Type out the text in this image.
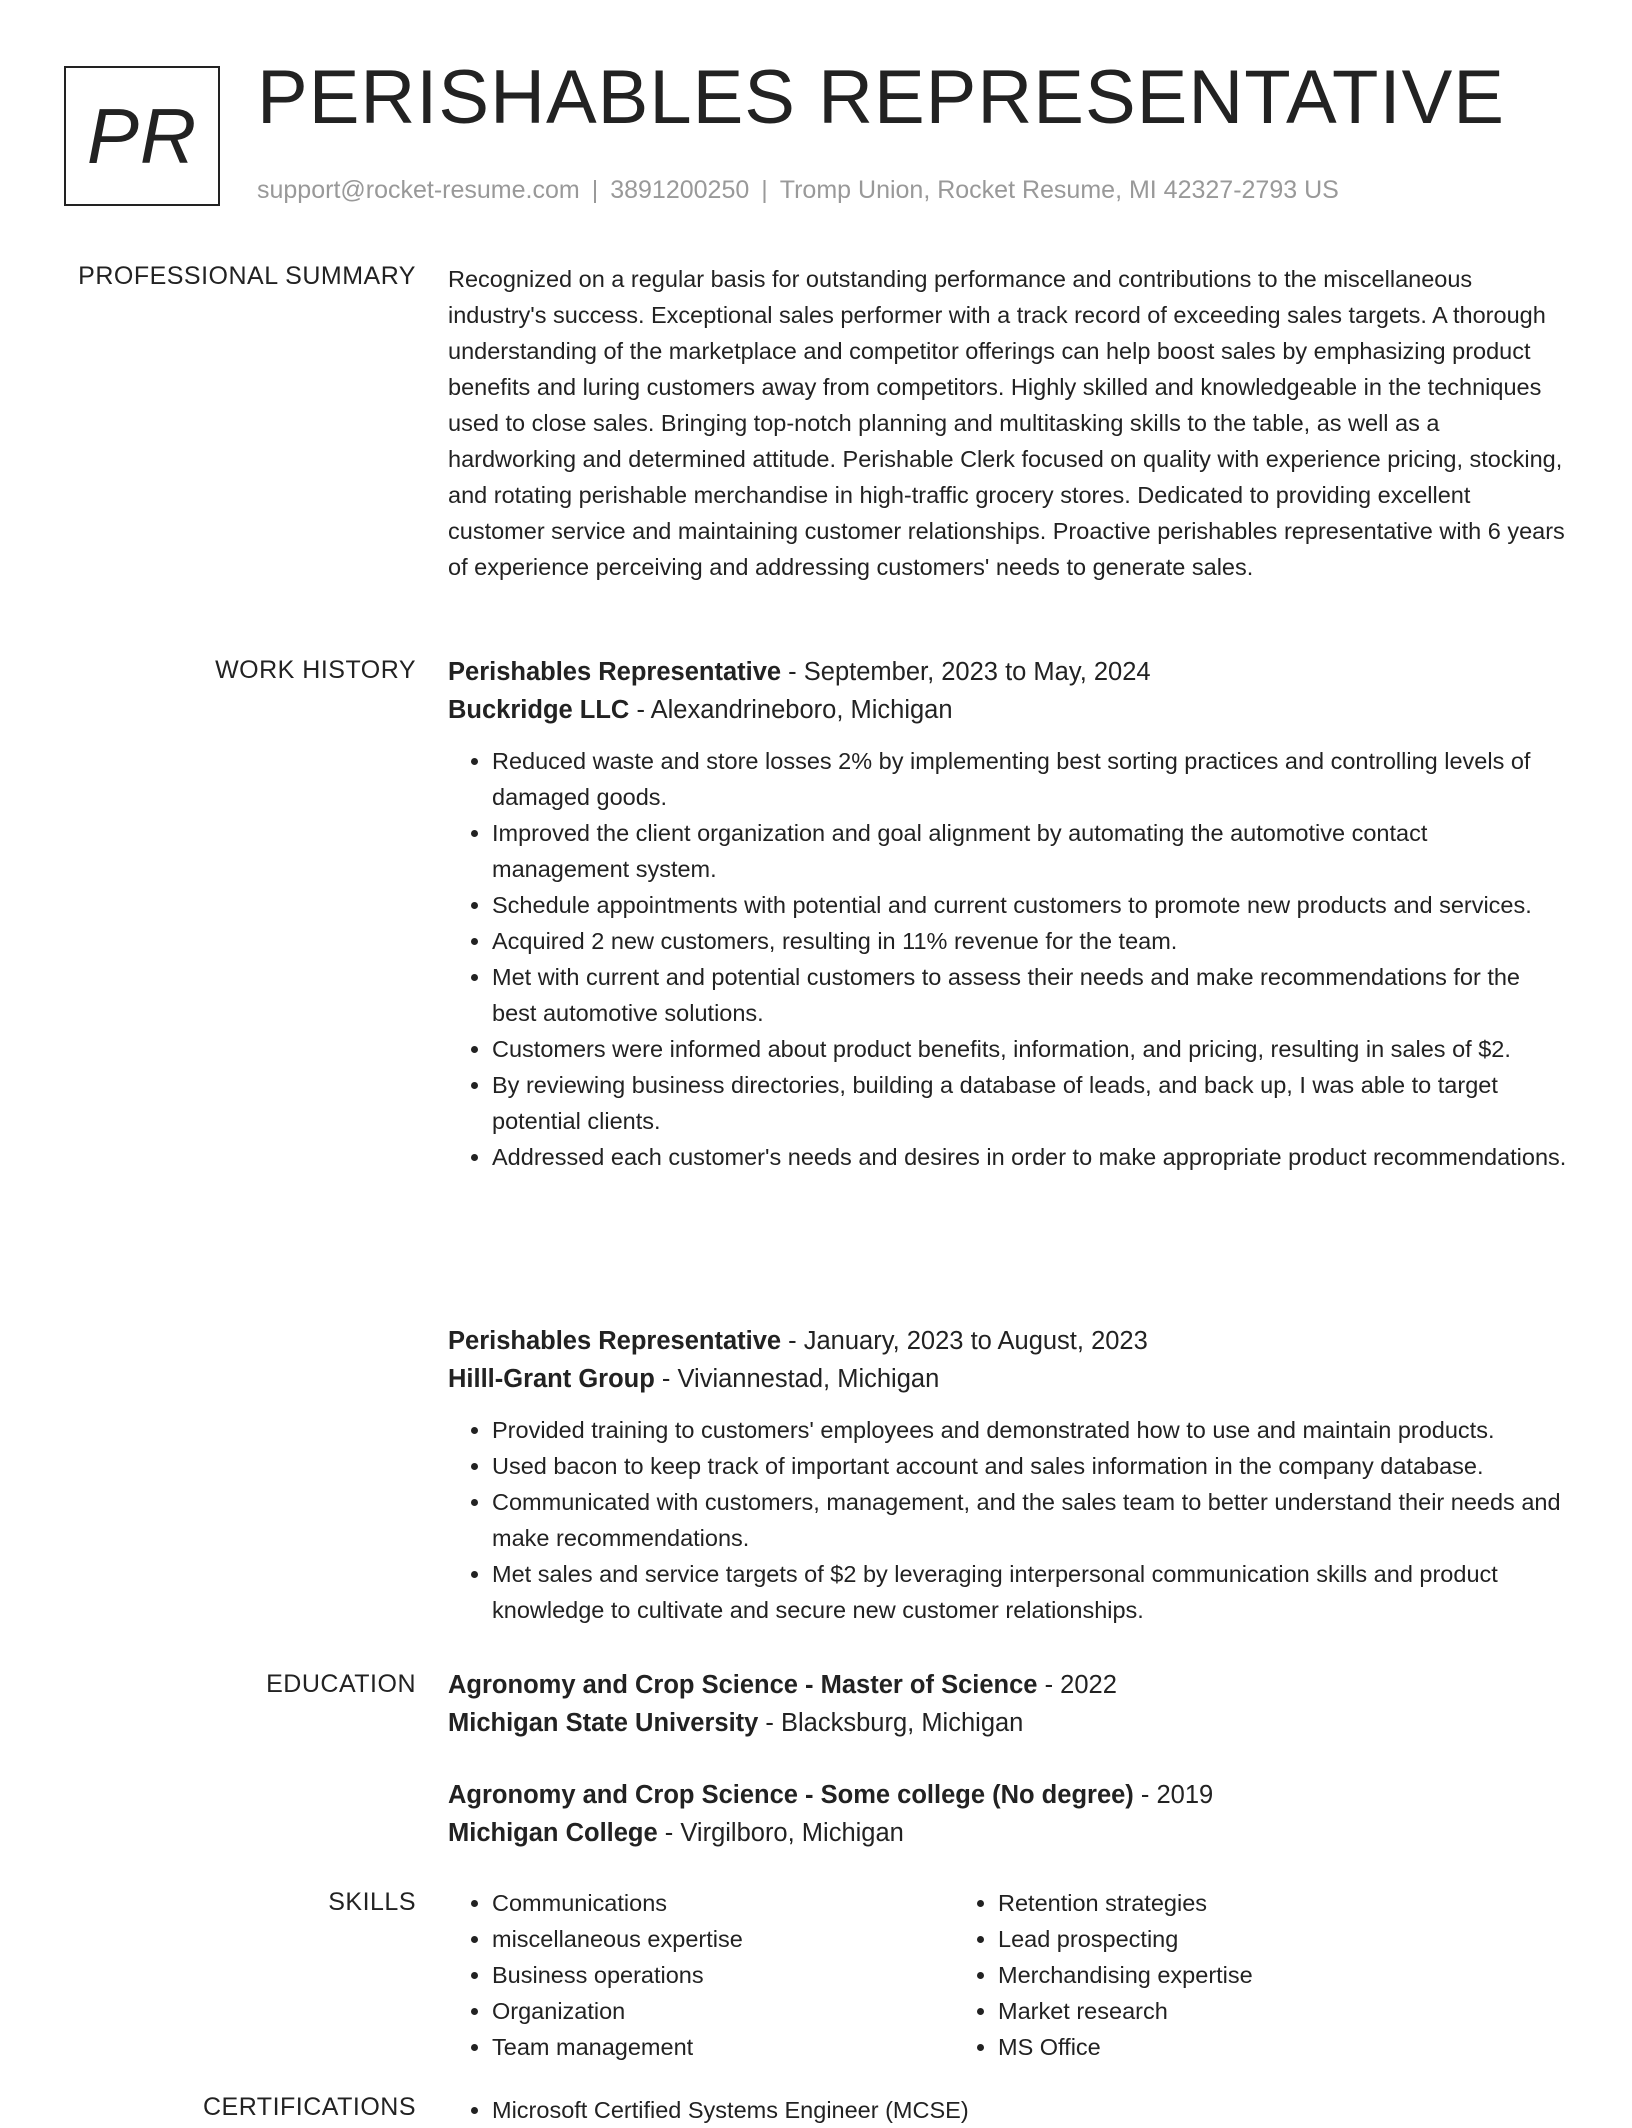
PR PERISHABLES REPRESENTATIVE
support@rocket-resume.com | 3891200250 | Tromp Union, Rocket Resume, MI 42327-2793 US
PROFESSIONAL SUMMARY Recognized on a regular basis for outstanding performance and contributions to the miscellaneous industry's success. Exceptional sales performer with a track record of exceeding sales targets. A thorough understanding of the marketplace and competitor offerings can help boost sales by emphasizing product benefits and luring customers away from competitors. Highly skilled and knowledgeable in the techniques used to close sales. Bringing top-notch planning and multitasking skills to the table, as well as a hardworking and determined attitude. Perishable Clerk focused on quality with experience pricing, stocking, and rotating perishable merchandise in high-traffic grocery stores. Dedicated to providing excellent customer service and maintaining customer relationships. Proactive perishables representative with 6 years of experience perceiving and addressing customers' needs to generate sales.

WORK HISTORY Perishables Representative - September, 2023 to May, 2024
Buckridge LLC - Alexandrineboro, Michigan
• Reduced waste and store losses 2% by implementing best sorting practices and controlling levels of damaged goods.
• Improved the client organization and goal alignment by automating the automotive contact management system.
• Schedule appointments with potential and current customers to promote new products and services.
• Acquired 2 new customers, resulting in 11% revenue for the team.
• Met with current and potential customers to assess their needs and make recommendations for the best automotive solutions.
• Customers were informed about product benefits, information, and pricing, resulting in sales of $2.
• By reviewing business directories, building a database of leads, and back up, I was able to target potential clients.
• Addressed each customer's needs and desires in order to make appropriate product recommendations.
Perishables Representative - January, 2023 to August, 2023
Hilll-Grant Group - Viviannestad, Michigan
• Provided training to customers' employees and demonstrated how to use and maintain products.
• Used bacon to keep track of important account and sales information in the company database.
• Communicated with customers, management, and the sales team to better understand their needs and make recommendations.
• Met sales and service targets of $2 by leveraging interpersonal communication skills and product knowledge to cultivate and secure new customer relationships.
EDUCATION Agronomy and Crop Science - Master of Science - 2022
Michigan State University - Blacksburg, Michigan
Agronomy and Crop Science - Some college (No degree) - 2019
Michigan College - Virgilboro, Michigan
SKILLS	• Communications
• miscellaneous expertise
• Business operations
• Organization
• Team management
• Retention strategies
• Lead prospecting
• Merchandising expertise
• Market research
• MS Office
CERTIFICATIONS	• Microsoft Certified Systems Engineer (MCSE)
